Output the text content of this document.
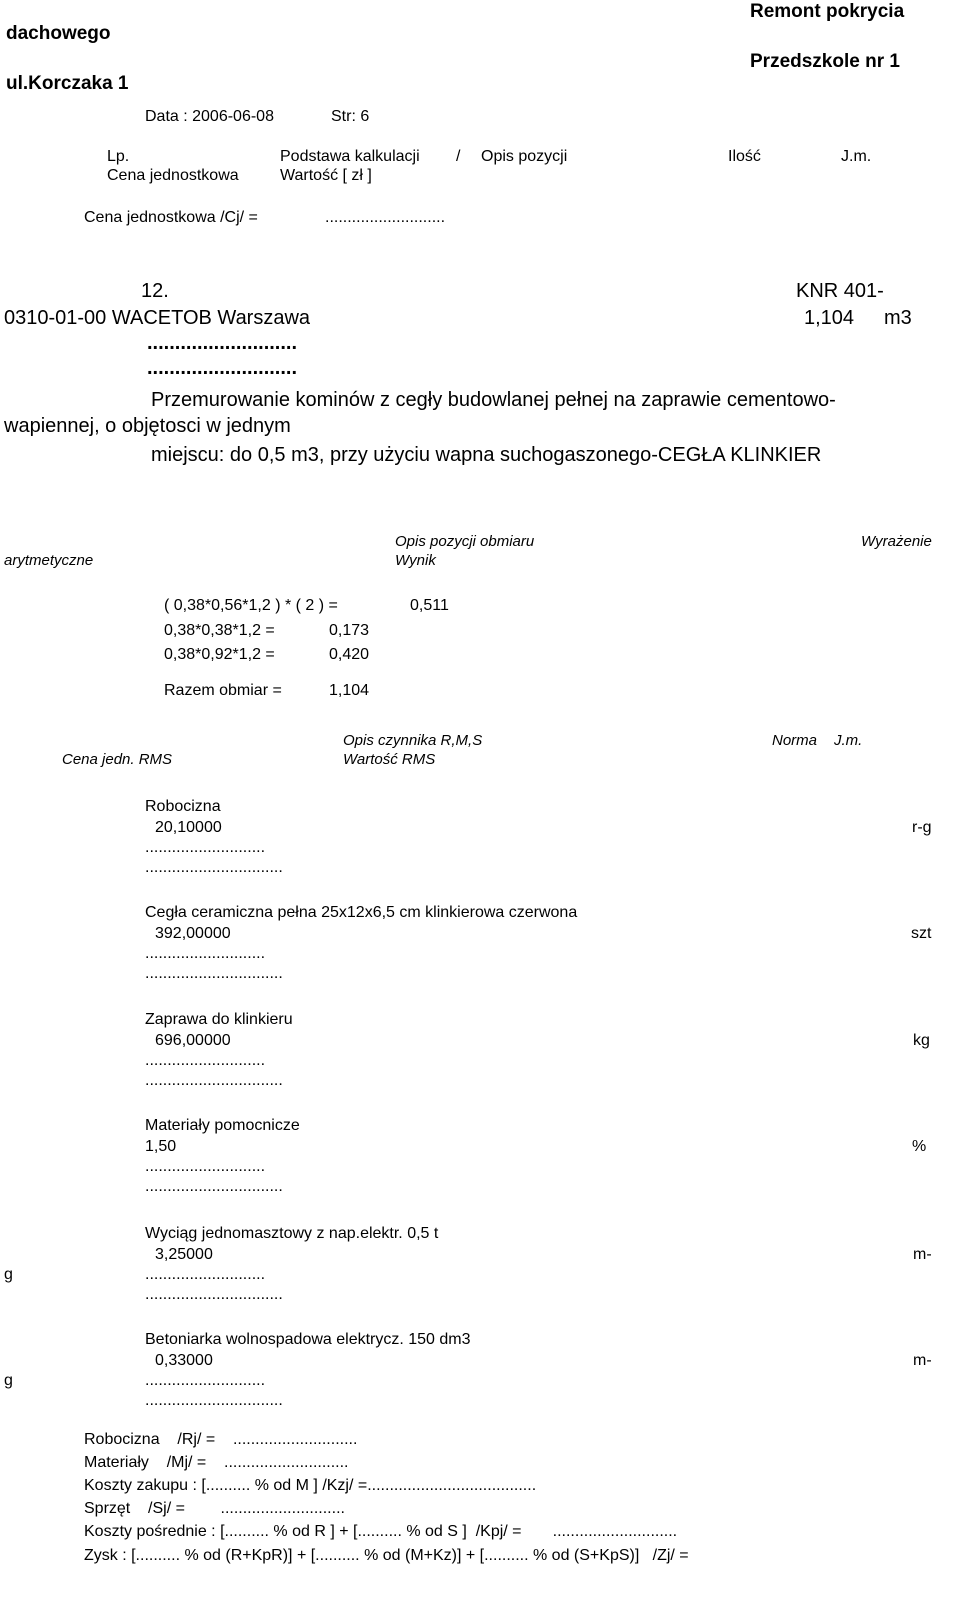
dachowego
ul.Korczaka 1
Remont pokrycia
Przedszkole nr 1
Data : 2006-06-08	Str: 6
Lp.	Podstawa kalkulacji / Opis pozycji	Ilość	J.m.
Cena jednostkowa	Wartość [ zł ]
Cena jednostkowa /Cj/ =	...........................
12.	KNR 401-
0310-01-00 WACETOB Warszawa	1,104 m3
...........................
...........................
Przemurowanie kominów z cegły budowlanej pełnej na zaprawie cementowo-
wapiennej, o objętosci w jednym
miejscu: do 0,5 m3, przy użyciu wapna suchogaszonego-CEGŁA KLINKIER
Opis pozycji obmiaru	Wyrażenie
arytmetyczne	Wynik
( 0,38*0,56*1,2 ) * ( 2 ) =	0,511
0,38*0,38*1,2 =	0,173
0,38*0,92*1,2 =	0,420
Razem obmiar =	1,104
Opis czynnika R,M,S	Norma J.m.
Cena jedn. RMS	Wartość RMS
Robocizna
20,10000	r-g
...........................
...............................
Cegła ceramiczna pełna 25x12x6,5 cm klinkierowa czerwona
392,00000	szt
...........................
...............................
Zaprawa do klinkieru
696,00000	kg
...........................
...............................
Materiały pomocnicze
1,50	%
...........................
...............................
Wyciąg jednomasztowy z nap.elektr. 0,5 t
3,25000	m-
g	...........................
...............................
Betoniarka wolnospadowa elektrycz. 150 dm3
0,33000	m-
g	...........................
...............................
Robocizna    /Rj/ =    ............................
Materiały    /Mj/ =    ............................
Koszty zakupu : [.......... % od M ] /Kzj/ =......................................
Sprzęt    /Sj/ =        ............................
Koszty pośrednie : [.......... % od R ] + [.......... % od S ]  /Kpj/ =       ............................
Zysk : [.......... % od (R+KpR)] + [.......... % od (M+Kz)] + [.......... % od (S+KpS)]   /Zj/ =
